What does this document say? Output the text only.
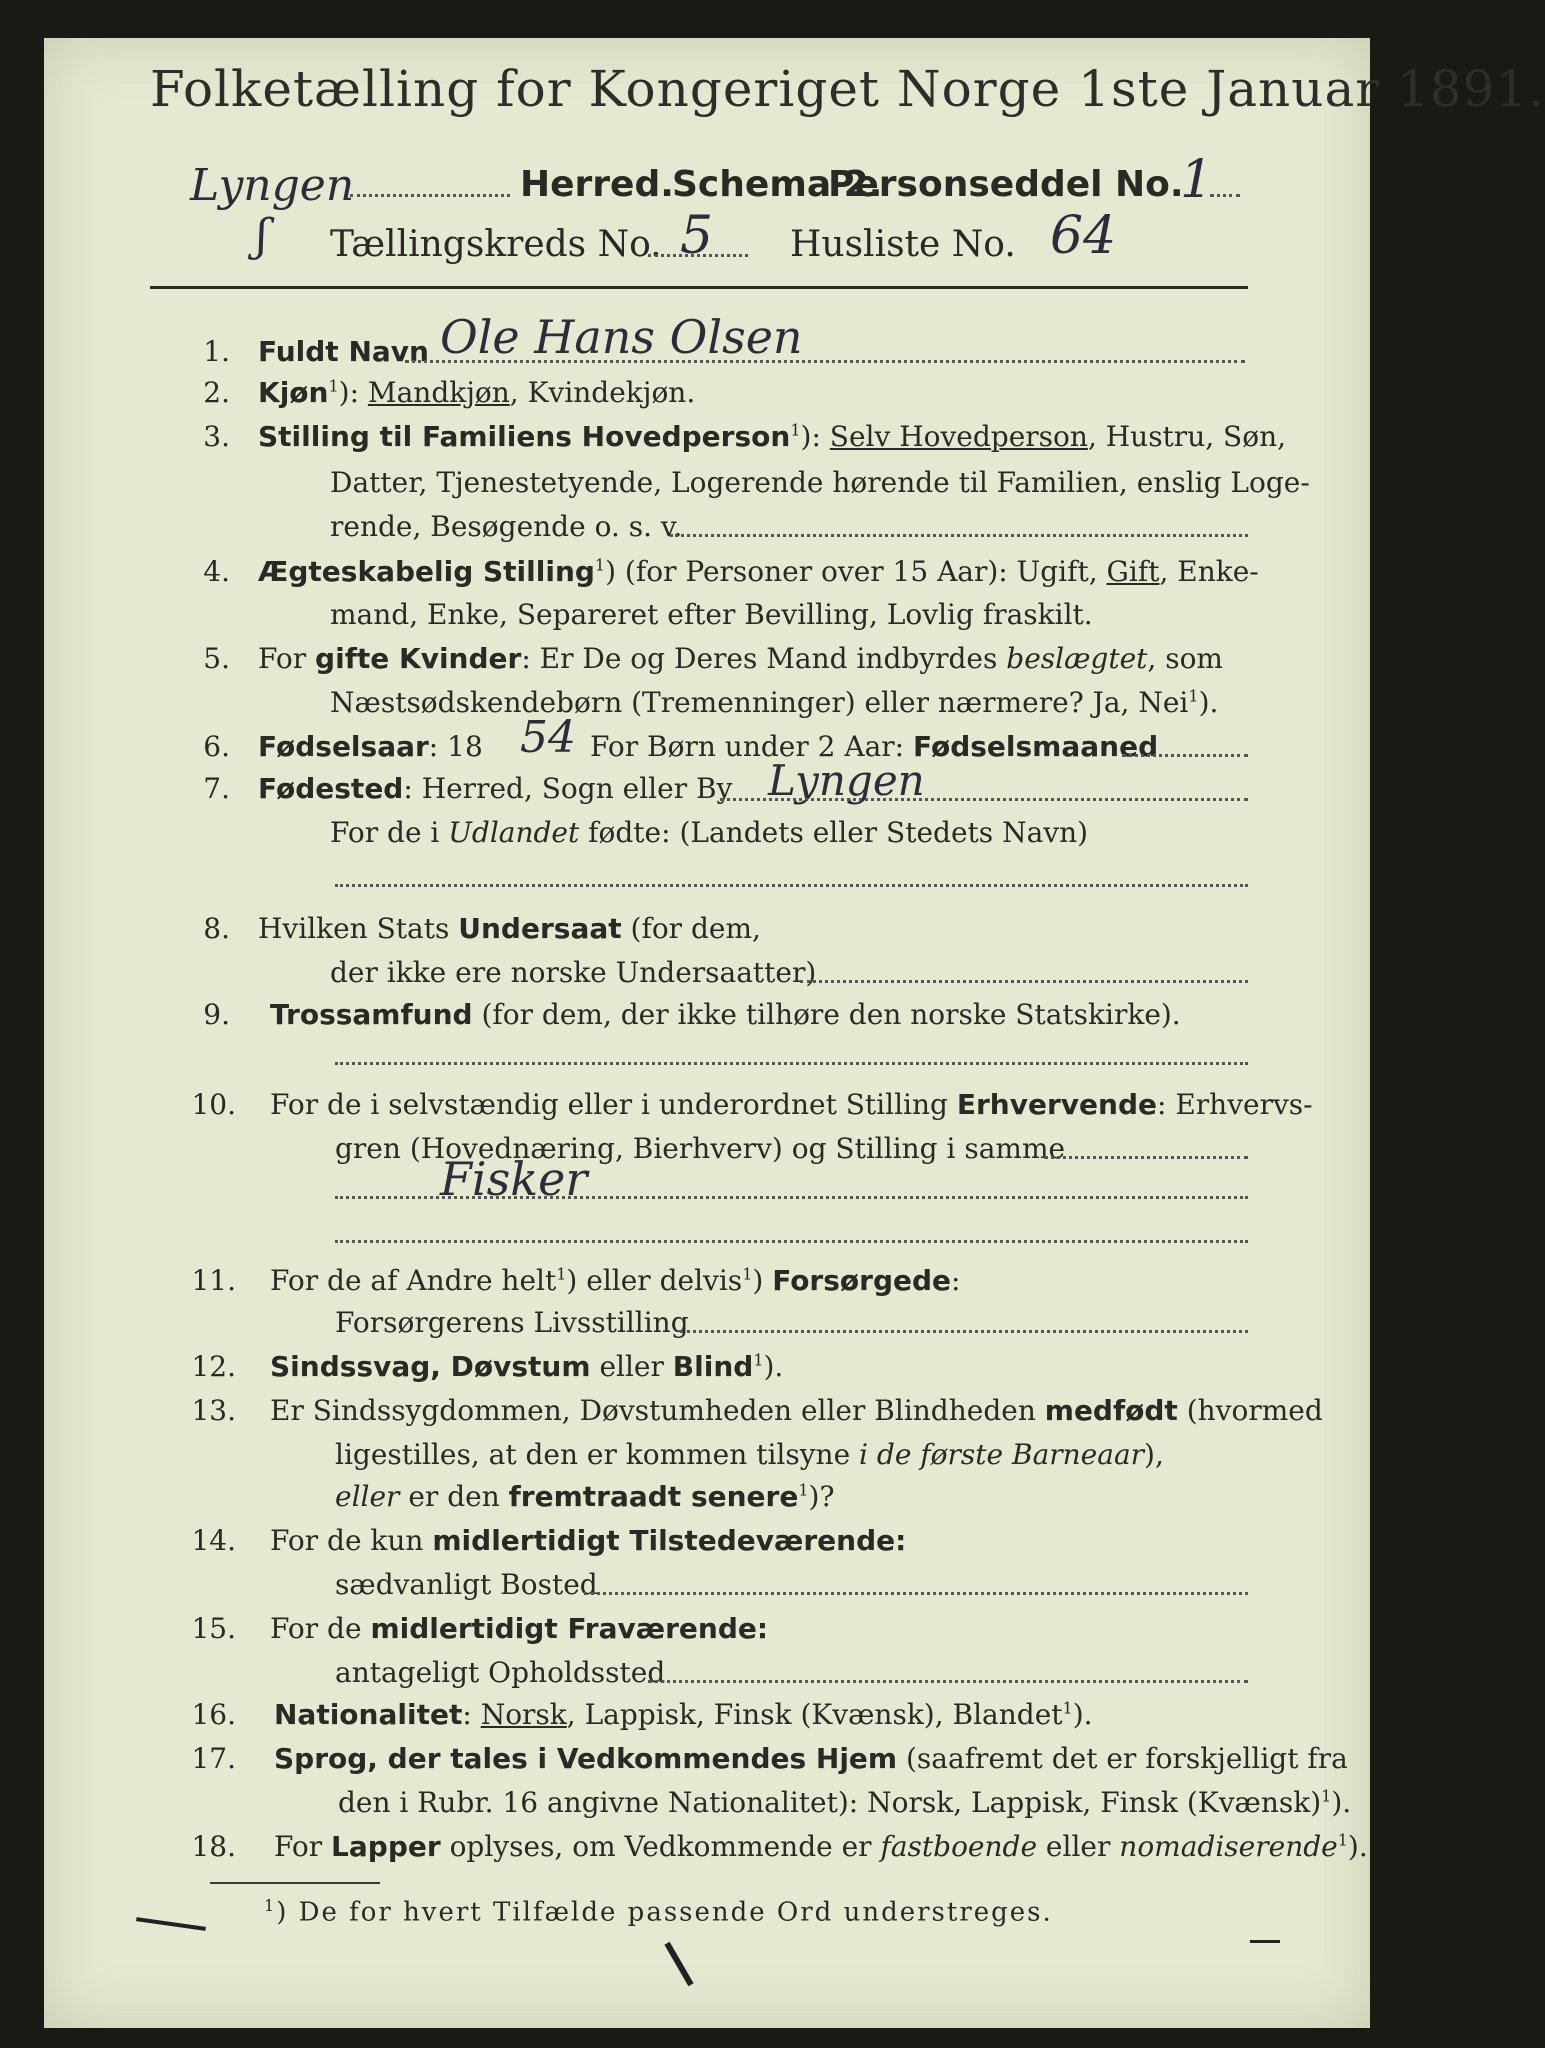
Folketælling for Kongeriget Norge 1ste Januar 1891.
Lyngen	Herred.
Schema 2.
Personseddel No.
1
ʃ Tællingskreds No. 5 Husliste No. 64
1. Fuldt Navn Ole Hans Olsen
2. Kjøn$^1$): Mandkjøn, Kvindekjøn.
3. Stilling til Familiens Hovedperson$^1$): Selv Hovedperson, Hustru, Søn,
Datter, Tjenestetyende, Logerende hørende til Familien, enslig Loge-
rende, Besøgende o. s. v.
4. Ægteskabelig Stilling$^1$) (for Personer over 15 Aar): Ugift, Gift, Enke-
mand, Enke, Separeret efter Bevilling, Lovlig fraskilt.
5. For gifte Kvinder: Er De og Deres Mand indbyrdes beslægtet, som
Næstsødskendebørn (Tremenninger) eller nærmere? Ja, Nei$^1$).
6. Fødselsaar: 18 54 For Børn under 2 Aar: Fødselsmaaned
7. Fødested: Herred, Sogn eller By Lyngen
For de i Udlandet fødte: (Landets eller Stedets Navn)
8. Hvilken Stats Undersaat (for dem,
der ikke ere norske Undersaatter)
9. Trossamfund (for dem, der ikke tilhøre den norske Statskirke).
10. For de i selvstændig eller i underordnet Stilling Erhvervende: Erhvervs-
gren (Hovednæring, Bierhverv) og Stilling i samme
Fisker
11. For de af Andre helt$^1$) eller delvis$^1$) Forsørgede:
Forsørgerens Livsstilling
12. Sindssvag, Døvstum eller Blind$^1$).
13. Er Sindssygdommen, Døvstumheden eller Blindheden medfødt (hvormed
ligestilles, at den er kommen tilsyne i de første Barneaar),
eller er den fremtraadt senere$^1$)?
14. For de kun midlertidigt Tilstedeværende:
sædvanligt Bosted
15. For de midlertidigt Fraværende:
antageligt Opholdssted
16. Nationalitet: Norsk, Lappisk, Finsk (Kvænsk), Blandet$^1$).
17. Sprog, der tales i Vedkommendes Hjem (saafremt det er forskjelligt fra
den i Rubr. 16 angivne Nationalitet): Norsk, Lappisk, Finsk (Kvænsk)$^1$).
18. For Lapper oplyses, om Vedkommende er fastboende eller nomadiserende$^1$).
$^1$) De for hvert Tilfælde passende Ord understreges.
